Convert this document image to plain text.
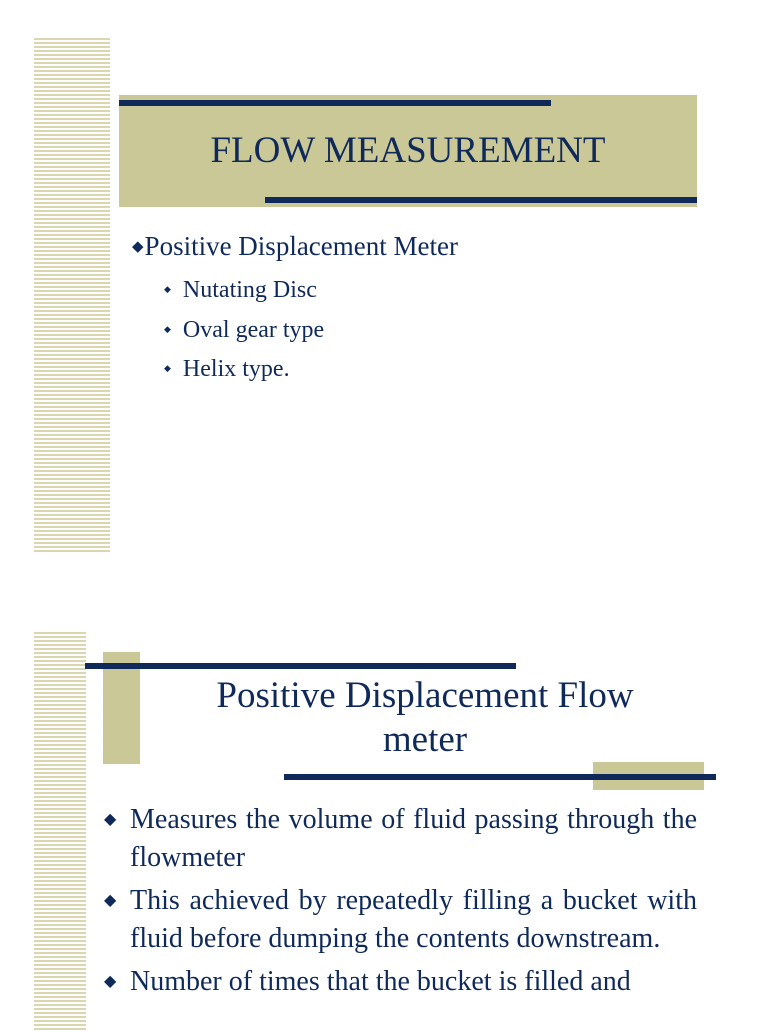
FLOW MEASUREMENT
◆Positive Displacement Meter
◆ Nutating Disc
◆ Oval gear type
◆ Helix type.
Positive Displacement Flow
meter
◆ Measures the volume of fluid passing through the flowmeter
◆ This achieved by repeatedly filling a bucket with fluid before dumping the contents downstream.
◆ Number of times that the bucket is filled and
